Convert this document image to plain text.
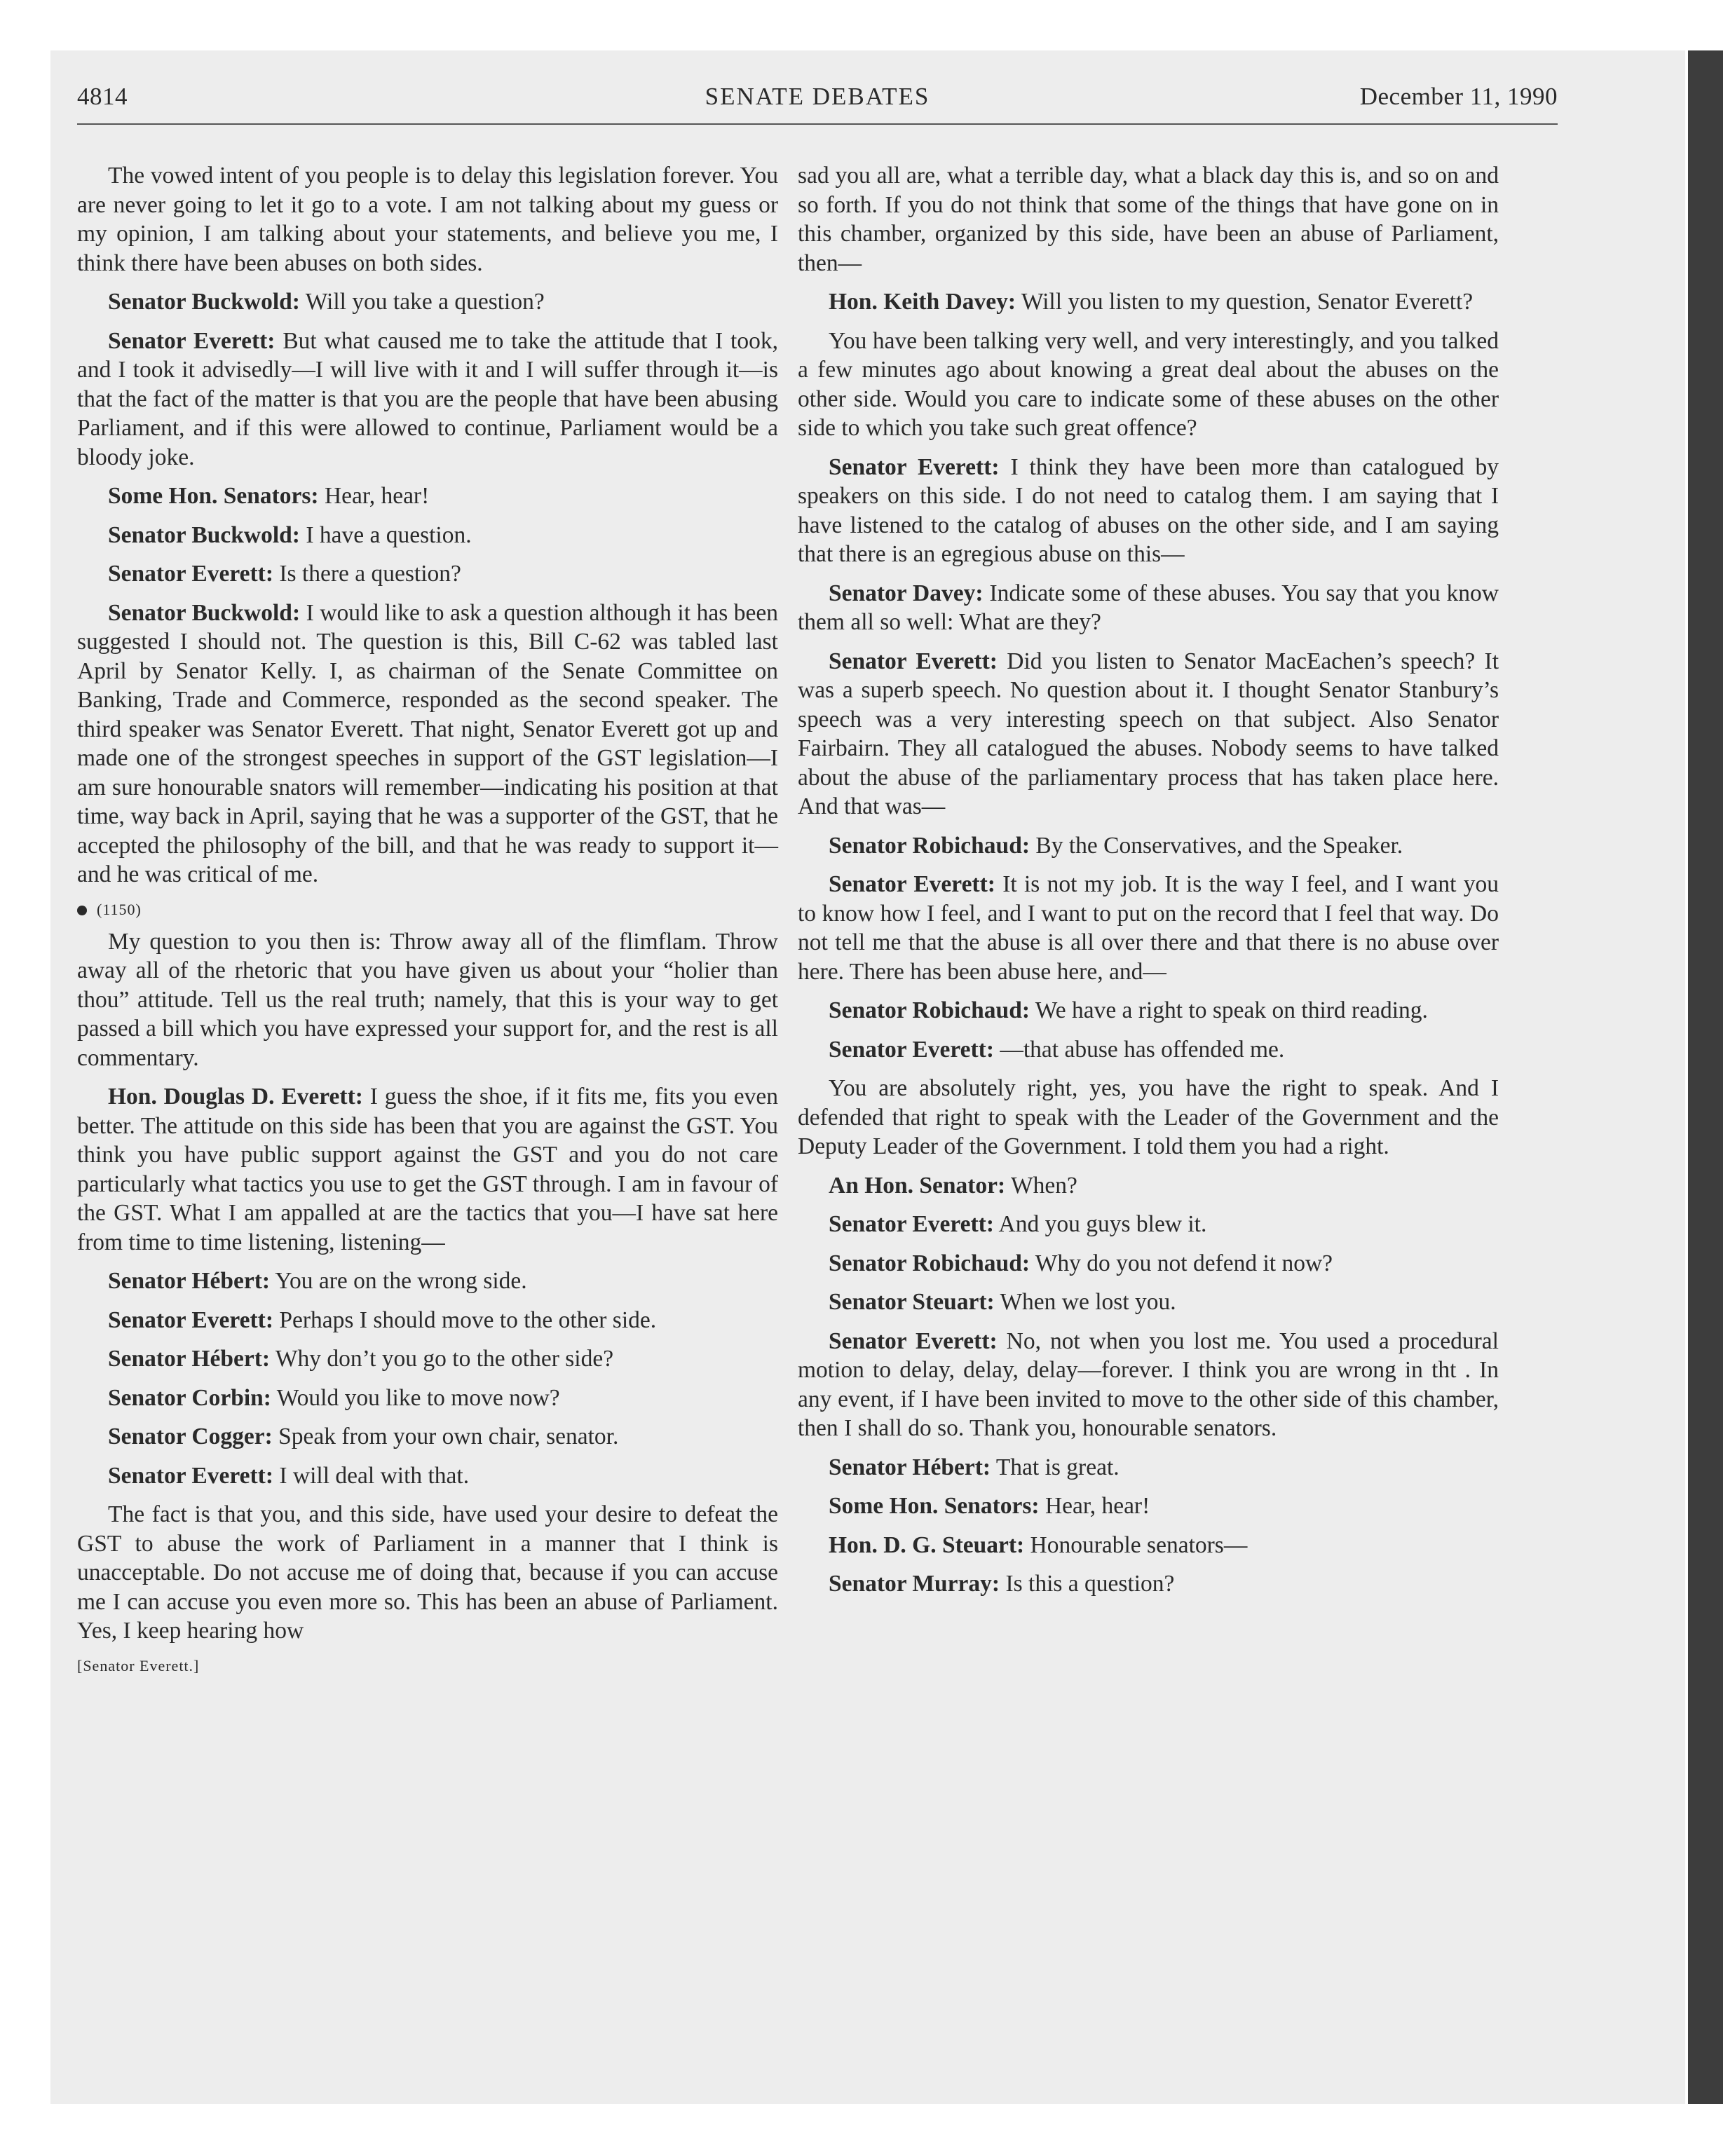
4814	SENATE DEBATES	December 11, 1990

The vowed intent of you people is to delay this legislation forever. You are never going to let it go to a vote. I am not talking about my guess or my opinion, I am talking about your statements, and believe you me, I think there have been abuses on both sides.

Senator Buckwold: Will you take a question?

Senator Everett: But what caused me to take the attitude that I took, and I took it advisedly—I will live with it and I will suffer through it—is that the fact of the matter is that you are the people that have been abusing Parliament, and if this were allowed to continue, Parliament would be a bloody joke.

Some Hon. Senators: Hear, hear!

Senator Buckwold: I have a question.

Senator Everett: Is there a question?

Senator Buckwold: I would like to ask a question although it has been suggested I should not. The question is this, Bill C-62 was tabled last April by Senator Kelly. I, as chairman of the Senate Committee on Banking, Trade and Commerce, responded as the second speaker. The third speaker was Senator Everett. That night, Senator Everett got up and made one of the strongest speeches in support of the GST legislation—I am sure honourable snators will remember—indicating his position at that time, way back in April, saying that he was a supporter of the GST, that he accepted the philosophy of the bill, and that he was ready to support it—and he was critical of me.

(1150)

My question to you then is: Throw away all of the flimflam. Throw away all of the rhetoric that you have given us about your “holier than thou” attitude. Tell us the real truth; namely, that this is your way to get passed a bill which you have expressed your support for, and the rest is all commentary.

Hon. Douglas D. Everett: I guess the shoe, if it fits me, fits you even better. The attitude on this side has been that you are against the GST. You think you have public support against the GST and you do not care particularly what tactics you use to get the GST through. I am in favour of the GST. What I am appalled at are the tactics that you—I have sat here from time to time listening, listening—

Senator Hébert: You are on the wrong side.

Senator Everett: Perhaps I should move to the other side.

Senator Hébert: Why don’t you go to the other side?

Senator Corbin: Would you like to move now?

Senator Cogger: Speak from your own chair, senator.

Senator Everett: I will deal with that.

The fact is that you, and this side, have used your desire to defeat the GST to abuse the work of Parliament in a manner that I think is unacceptable. Do not accuse me of doing that, because if you can accuse me I can accuse you even more so. This has been an abuse of Parliament. Yes, I keep hearing how

[Senator Everett.]

sad you all are, what a terrible day, what a black day this is, and so on and so forth. If you do not think that some of the things that have gone on in this chamber, organized by this side, have been an abuse of Parliament, then—

Hon. Keith Davey: Will you listen to my question, Senator Everett?

You have been talking very well, and very interestingly, and you talked a few minutes ago about knowing a great deal about the abuses on the other side. Would you care to indicate some of these abuses on the other side to which you take such great offence?

Senator Everett: I think they have been more than catalogued by speakers on this side. I do not need to catalog them. I am saying that I have listened to the catalog of abuses on the other side, and I am saying that there is an egregious abuse on this—

Senator Davey: Indicate some of these abuses. You say that you know them all so well: What are they?

Senator Everett: Did you listen to Senator MacEachen’s speech? It was a superb speech. No question about it. I thought Senator Stanbury’s speech was a very interesting speech on that subject. Also Senator Fairbairn. They all catalogued the abuses. Nobody seems to have talked about the abuse of the parliamentary process that has taken place here. And that was—

Senator Robichaud: By the Conservatives, and the Speaker.

Senator Everett: It is not my job. It is the way I feel, and I want you to know how I feel, and I want to put on the record that I feel that way. Do not tell me that the abuse is all over there and that there is no abuse over here. There has been abuse here, and—

Senator Robichaud: We have a right to speak on third reading.

Senator Everett: —that abuse has offended me.

You are absolutely right, yes, you have the right to speak. And I defended that right to speak with the Leader of the Government and the Deputy Leader of the Government. I told them you had a right.

An Hon. Senator: When?

Senator Everett: And you guys blew it.

Senator Robichaud: Why do you not defend it now?

Senator Steuart: When we lost you.

Senator Everett: No, not when you lost me. You used a procedural motion to delay, delay, delay—forever. I think you are wrong in tht . In any event, if I have been invited to move to the other side of this chamber, then I shall do so. Thank you, honourable senators.

Senator Hébert: That is great.

Some Hon. Senators: Hear, hear!

Hon. D. G. Steuart: Honourable senators—

Senator Murray: Is this a question?
